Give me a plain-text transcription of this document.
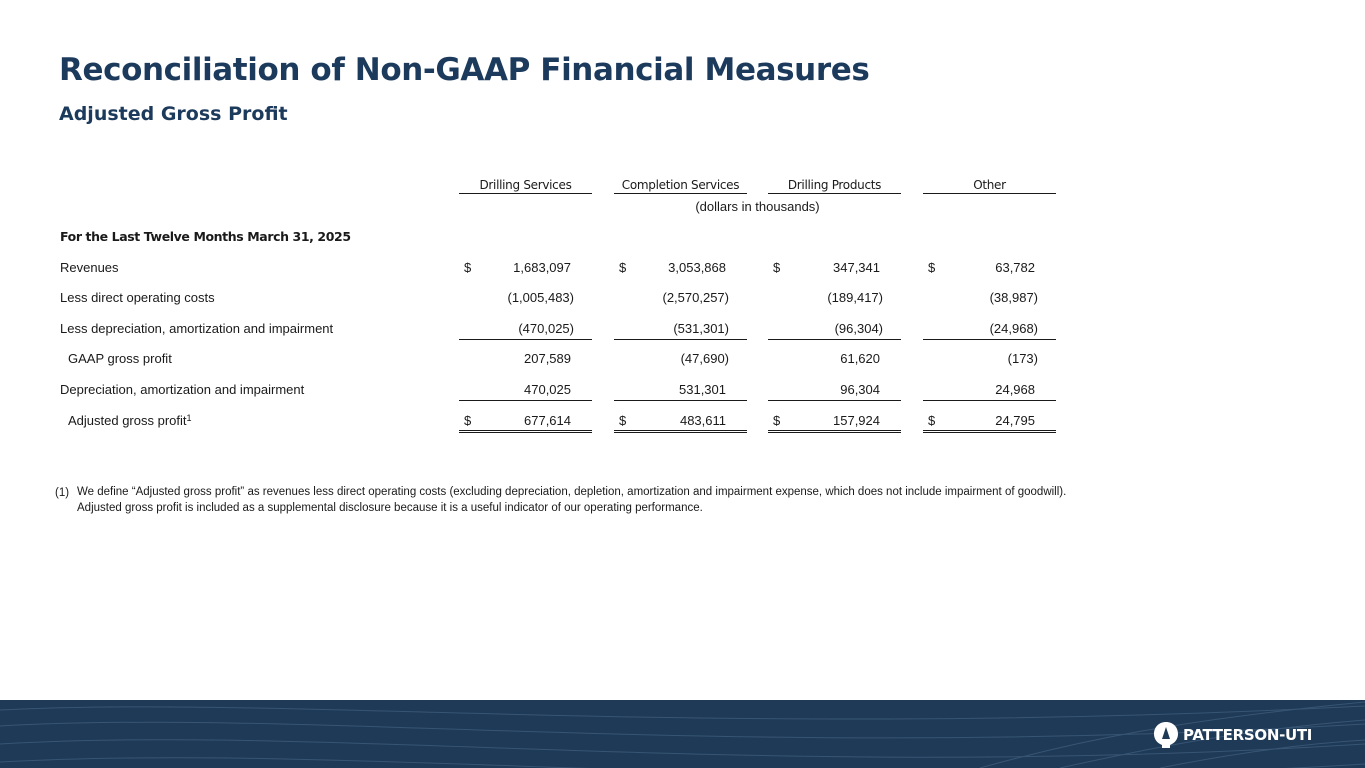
Reconciliation of Non-GAAP Financial Measures
Adjusted Gross Profit
Drilling Services	Completion Services	Drilling Products	Other
(dollars in thousands)
For the Last Twelve Months March 31, 2025
Revenues	$	1,683,097	$	3,053,868	$	347,341	$	63,782
Less direct operating costs	(1,005,483)	(2,570,257)	(189,417)	(38,987)
Less depreciation, amortization and impairment	(470,025)	(531,301)	(96,304)	(24,968)
GAAP gross profit	207,589	(47,690)	61,620	(173)
Depreciation, amortization and impairment	470,025	531,301	96,304	24,968
Adjusted gross profit$^1$	$	677,614	$	483,611	$	157,924	$	24,795
(1) We define “Adjusted gross profit” as revenues less direct operating costs (excluding depreciation, depletion, amortization and impairment expense, which does not include impairment of goodwill). Adjusted gross profit is included as a supplemental disclosure because it is a useful indicator of our operating performance.
PATTERSON-UTI
